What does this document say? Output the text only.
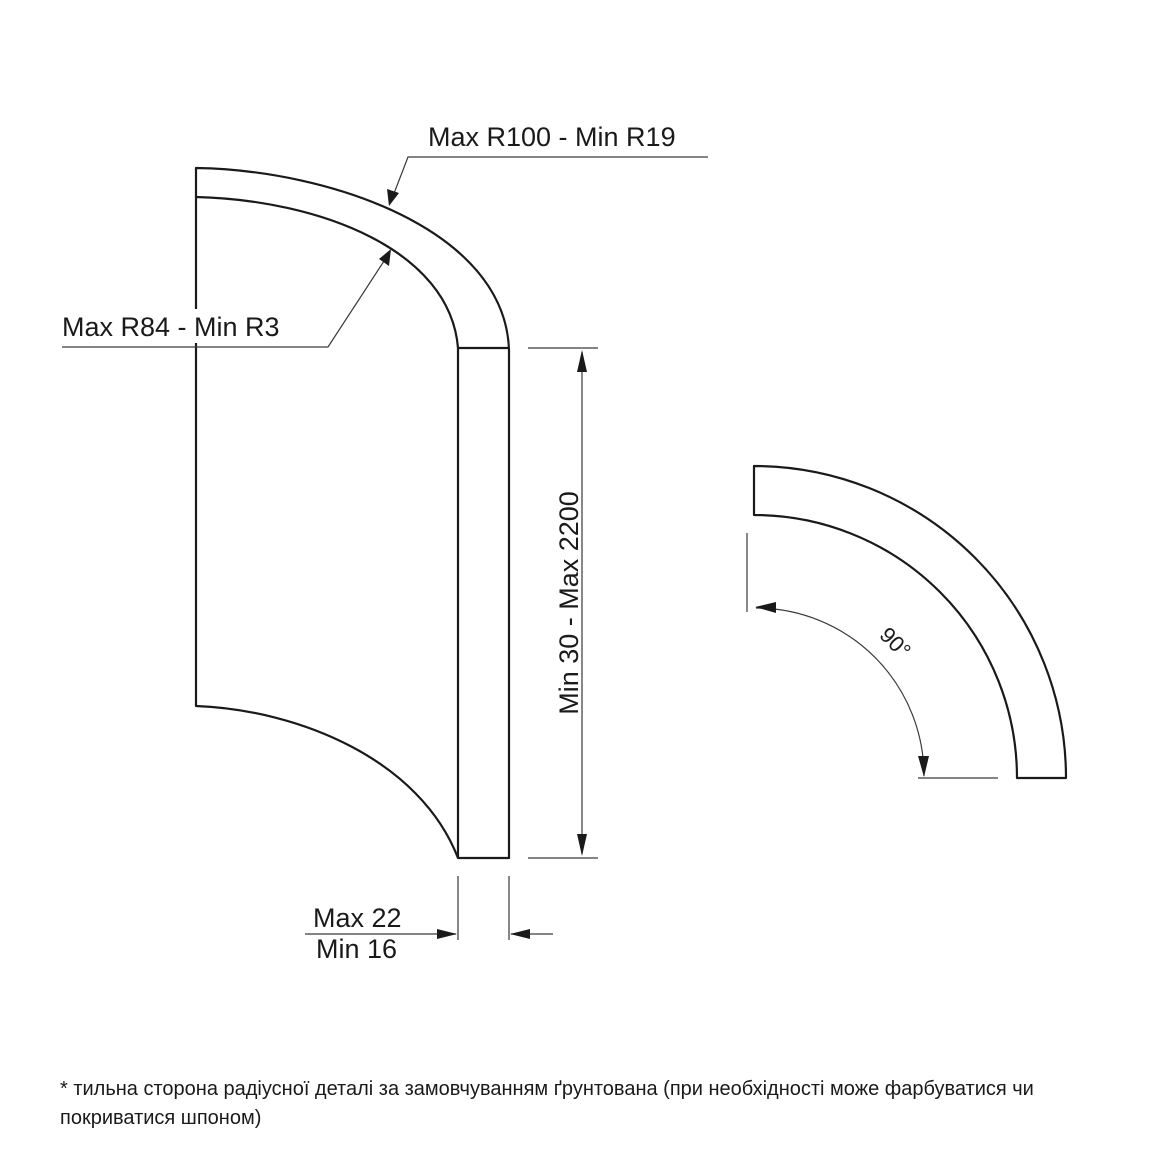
Max R100 - Min R19
Max R84 - Min R3
Min 30 - Max 2200
Max 22
Min 16
90°

* тильна сторона радіусної деталі за замовчуванням ґрунтована (при необхідності може фарбуватися чи покриватися шпоном)
